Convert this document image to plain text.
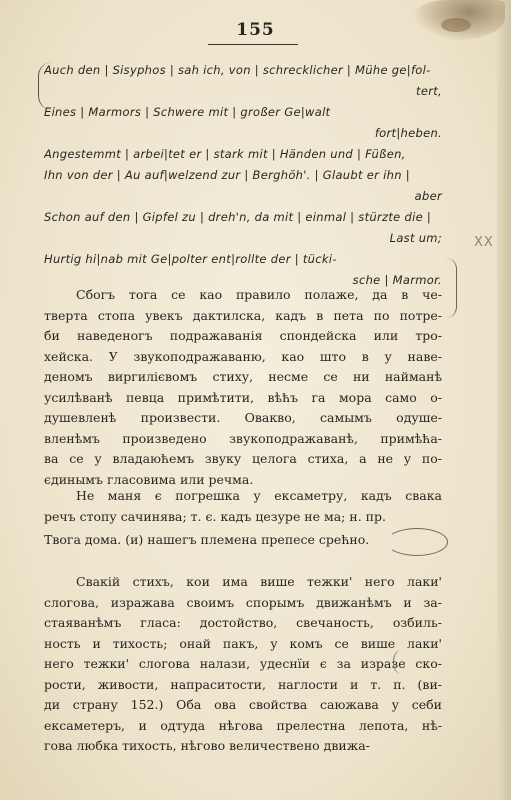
155
Auch den | Sisyphos | sah ich, von | schrecklicher | Mühe ge|fol-
tert,
Eines | Marmors | Schwere mit | großer Ge|walt
fort|heben.
Angestemmt | arbei|tet er | stark mit | Händen und | Füßen,
Ihn von der | Au auf|welzend zur | Berghöh'. | Glaubt er ihn |
aber
Schon auf den | Gipfel zu | dreh'n, da mit | einmal | stürzte die |
Last um;
Hurtig hi|nab mit Ge|polter ent|rollte der | tücki-
sche | Marmor.
XX
Сбогъ тога се као правило полаже, да в че-
тверта стопа увекъ дактилска, кадъ в пета по потре-
би наведеногъ подражаванія спондейска или тро-
хейска. У звукоподражаваню, као што в у наве-
деномъ виргилієвомъ стиху, несме се ни найманѣ
усилѣванѣ певца примѣтити, вѣћъ га мора само о-
душевленѣ произвести. Овакво, самымъ одуше-
вленѣмъ произведено звукоподражаванѣ, примѣћа-
ва се у владаюћемъ звуку целога стиха, а не у по-
єдинымъ гласовима или речма.
Не маня є погрешка у ексаметру, кадъ свака
речъ стопу сачинява; т. є. кадъ цезуре не ма; н. пр.
Твога дома. (и) нашегъ племена препесе срећно.
Свакій стихъ, кои има више тежки' него лаки'
слогова, изражава своимъ спорымъ движанѣмъ и за-
стаяванѣмъ гласа: достойство, свечаность, озбиль-
ность и тихость; онай пакъ, у комъ се више лаки'
него тежки' слогова налази, удеснїи є за изразе ско-
рости, живости, напраситости, наглости и т. п. (ви-
ди страну 152.) Оба ова свойства саюжава у себи
ексаметеръ, и одтуда нѣгова прелестна лепота, нѣ-
гова любка тихость, нѣгово величествено движа-
